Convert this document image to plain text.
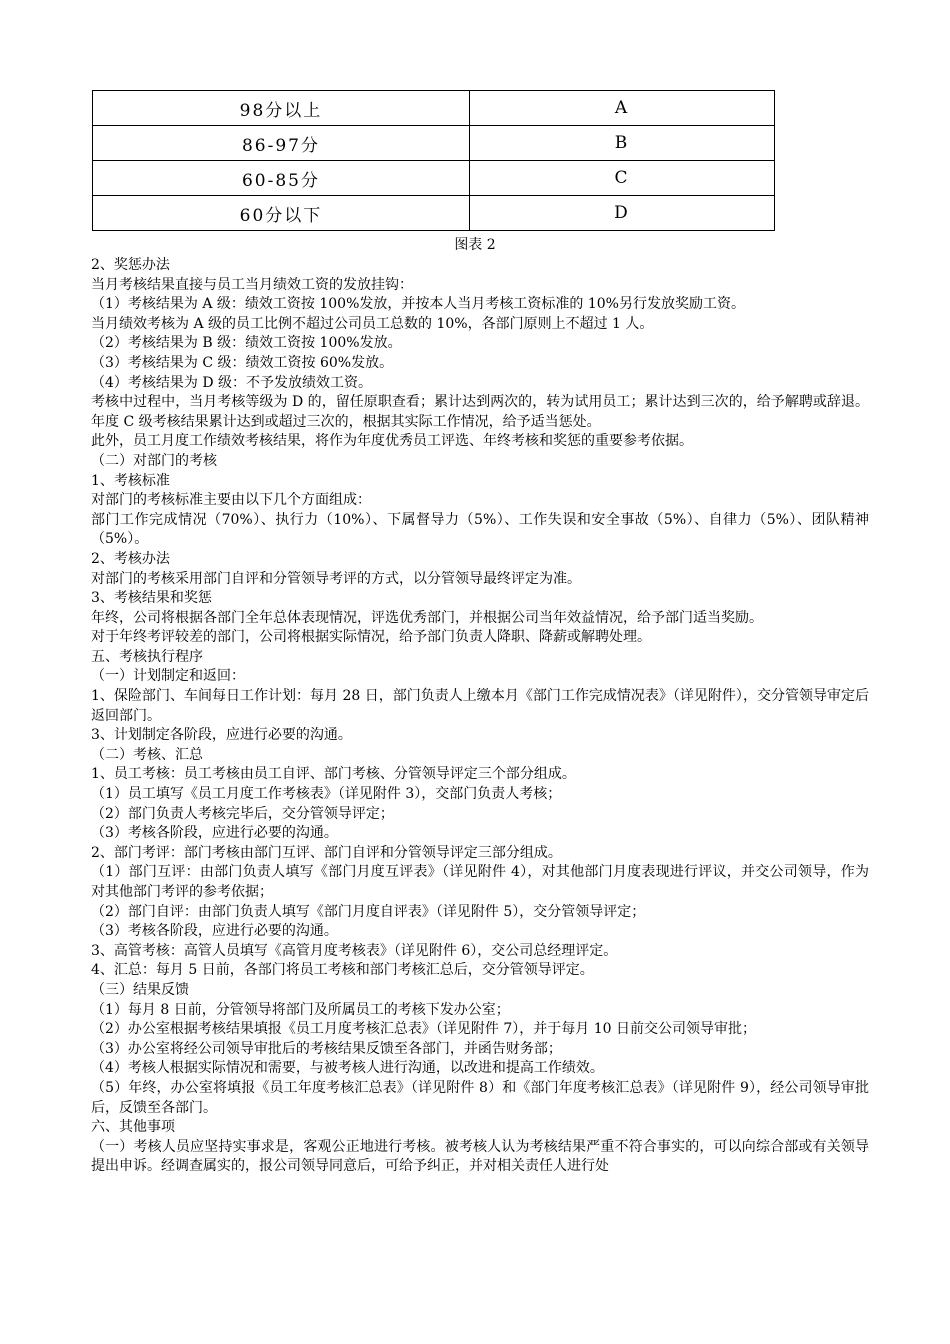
98分以上	A
86-97分	B
60-85分	C
60分以下	D
图表 2

2、奖惩办法

当月考核结果直接与员工当月绩效工资的发放挂钩：

（1）考核结果为 A 级：绩效工资按 100%发放，并按本人当月考核工资标准的 10%另行发放奖励工资。

当月绩效考核为 A 级的员工比例不超过公司员工总数的 10%，各部门原则上不超过 1 人。

（2）考核结果为 B 级：绩效工资按 100%发放。

（3）考核结果为 C 级：绩效工资按 60%发放。

（4）考核结果为 D 级：不予发放绩效工资。

考核中过程中，当月考核等级为 D 的，留任原职查看；累计达到两次的，转为试用员工；累计达到三次的，给予解聘或辞退。年度 C 级考核结果累计达到或超过三次的，根据其实际工作情况，给予适当惩处。

此外，员工月度工作绩效考核结果，将作为年度优秀员工评选、年终考核和奖惩的重要参考依据。

（二）对部门的考核

1、考核标准

对部门的考核标准主要由以下几个方面组成：

部门工作完成情况（70%）、执行力（10%）、下属督导力（5%）、工作失误和安全事故（5%）、自律力（5%）、团队精神（5%）。

2、考核办法

对部门的考核采用部门自评和分管领导考评的方式，以分管领导最终评定为准。

3、考核结果和奖惩

年终，公司将根据各部门全年总体表现情况，评选优秀部门，并根据公司当年效益情况，给予部门适当奖励。

对于年终考评较差的部门，公司将根据实际情况，给予部门负责人降职、降薪或解聘处理。

五、考核执行程序

（一）计划制定和返回：

1、保险部门、车间每日工作计划：每月 28 日，部门负责人上缴本月《部门工作完成情况表》（详见附件），交分管领导审定后返回部门。

3、计划制定各阶段，应进行必要的沟通。

（二）考核、汇总

1、员工考核：员工考核由员工自评、部门考核、分管领导评定三个部分组成。

（1）员工填写《员工月度工作考核表》（详见附件 3），交部门负责人考核；

（2）部门负责人考核完毕后，交分管领导评定；

（3）考核各阶段，应进行必要的沟通。

2、部门考评：部门考核由部门互评、部门自评和分管领导评定三部分组成。

（1）部门互评：由部门负责人填写《部门月度互评表》（详见附件 4），对其他部门月度表现进行评议，并交公司领导，作为对其他部门考评的参考依据；

（2）部门自评：由部门负责人填写《部门月度自评表》（详见附件 5），交分管领导评定；

（3）考核各阶段，应进行必要的沟通。

3、高管考核：高管人员填写《高管月度考核表》（详见附件 6），交公司总经理评定。

4、汇总：每月 5 日前，各部门将员工考核和部门考核汇总后，交分管领导评定。

（三）结果反馈

（1）每月 8 日前，分管领导将部门及所属员工的考核下发办公室；

（2）办公室根据考核结果填报《员工月度考核汇总表》（详见附件 7），并于每月 10 日前交公司领导审批；

（3）办公室将经公司领导审批后的考核结果反馈至各部门，并函告财务部；

（4）考核人根据实际情况和需要，与被考核人进行沟通，以改进和提高工作绩效。

（5）年终，办公室将填报《员工年度考核汇总表》（详见附件 8）和《部门年度考核汇总表》（详见附件 9），经公司领导审批后，反馈至各部门。

六、其他事项

（一）考核人员应坚持实事求是，客观公正地进行考核。被考核人认为考核结果严重不符合事实的，可以向综合部或有关领导提出申诉。经调查属实的，报公司领导同意后，可给予纠正，并对相关责任人进行处
